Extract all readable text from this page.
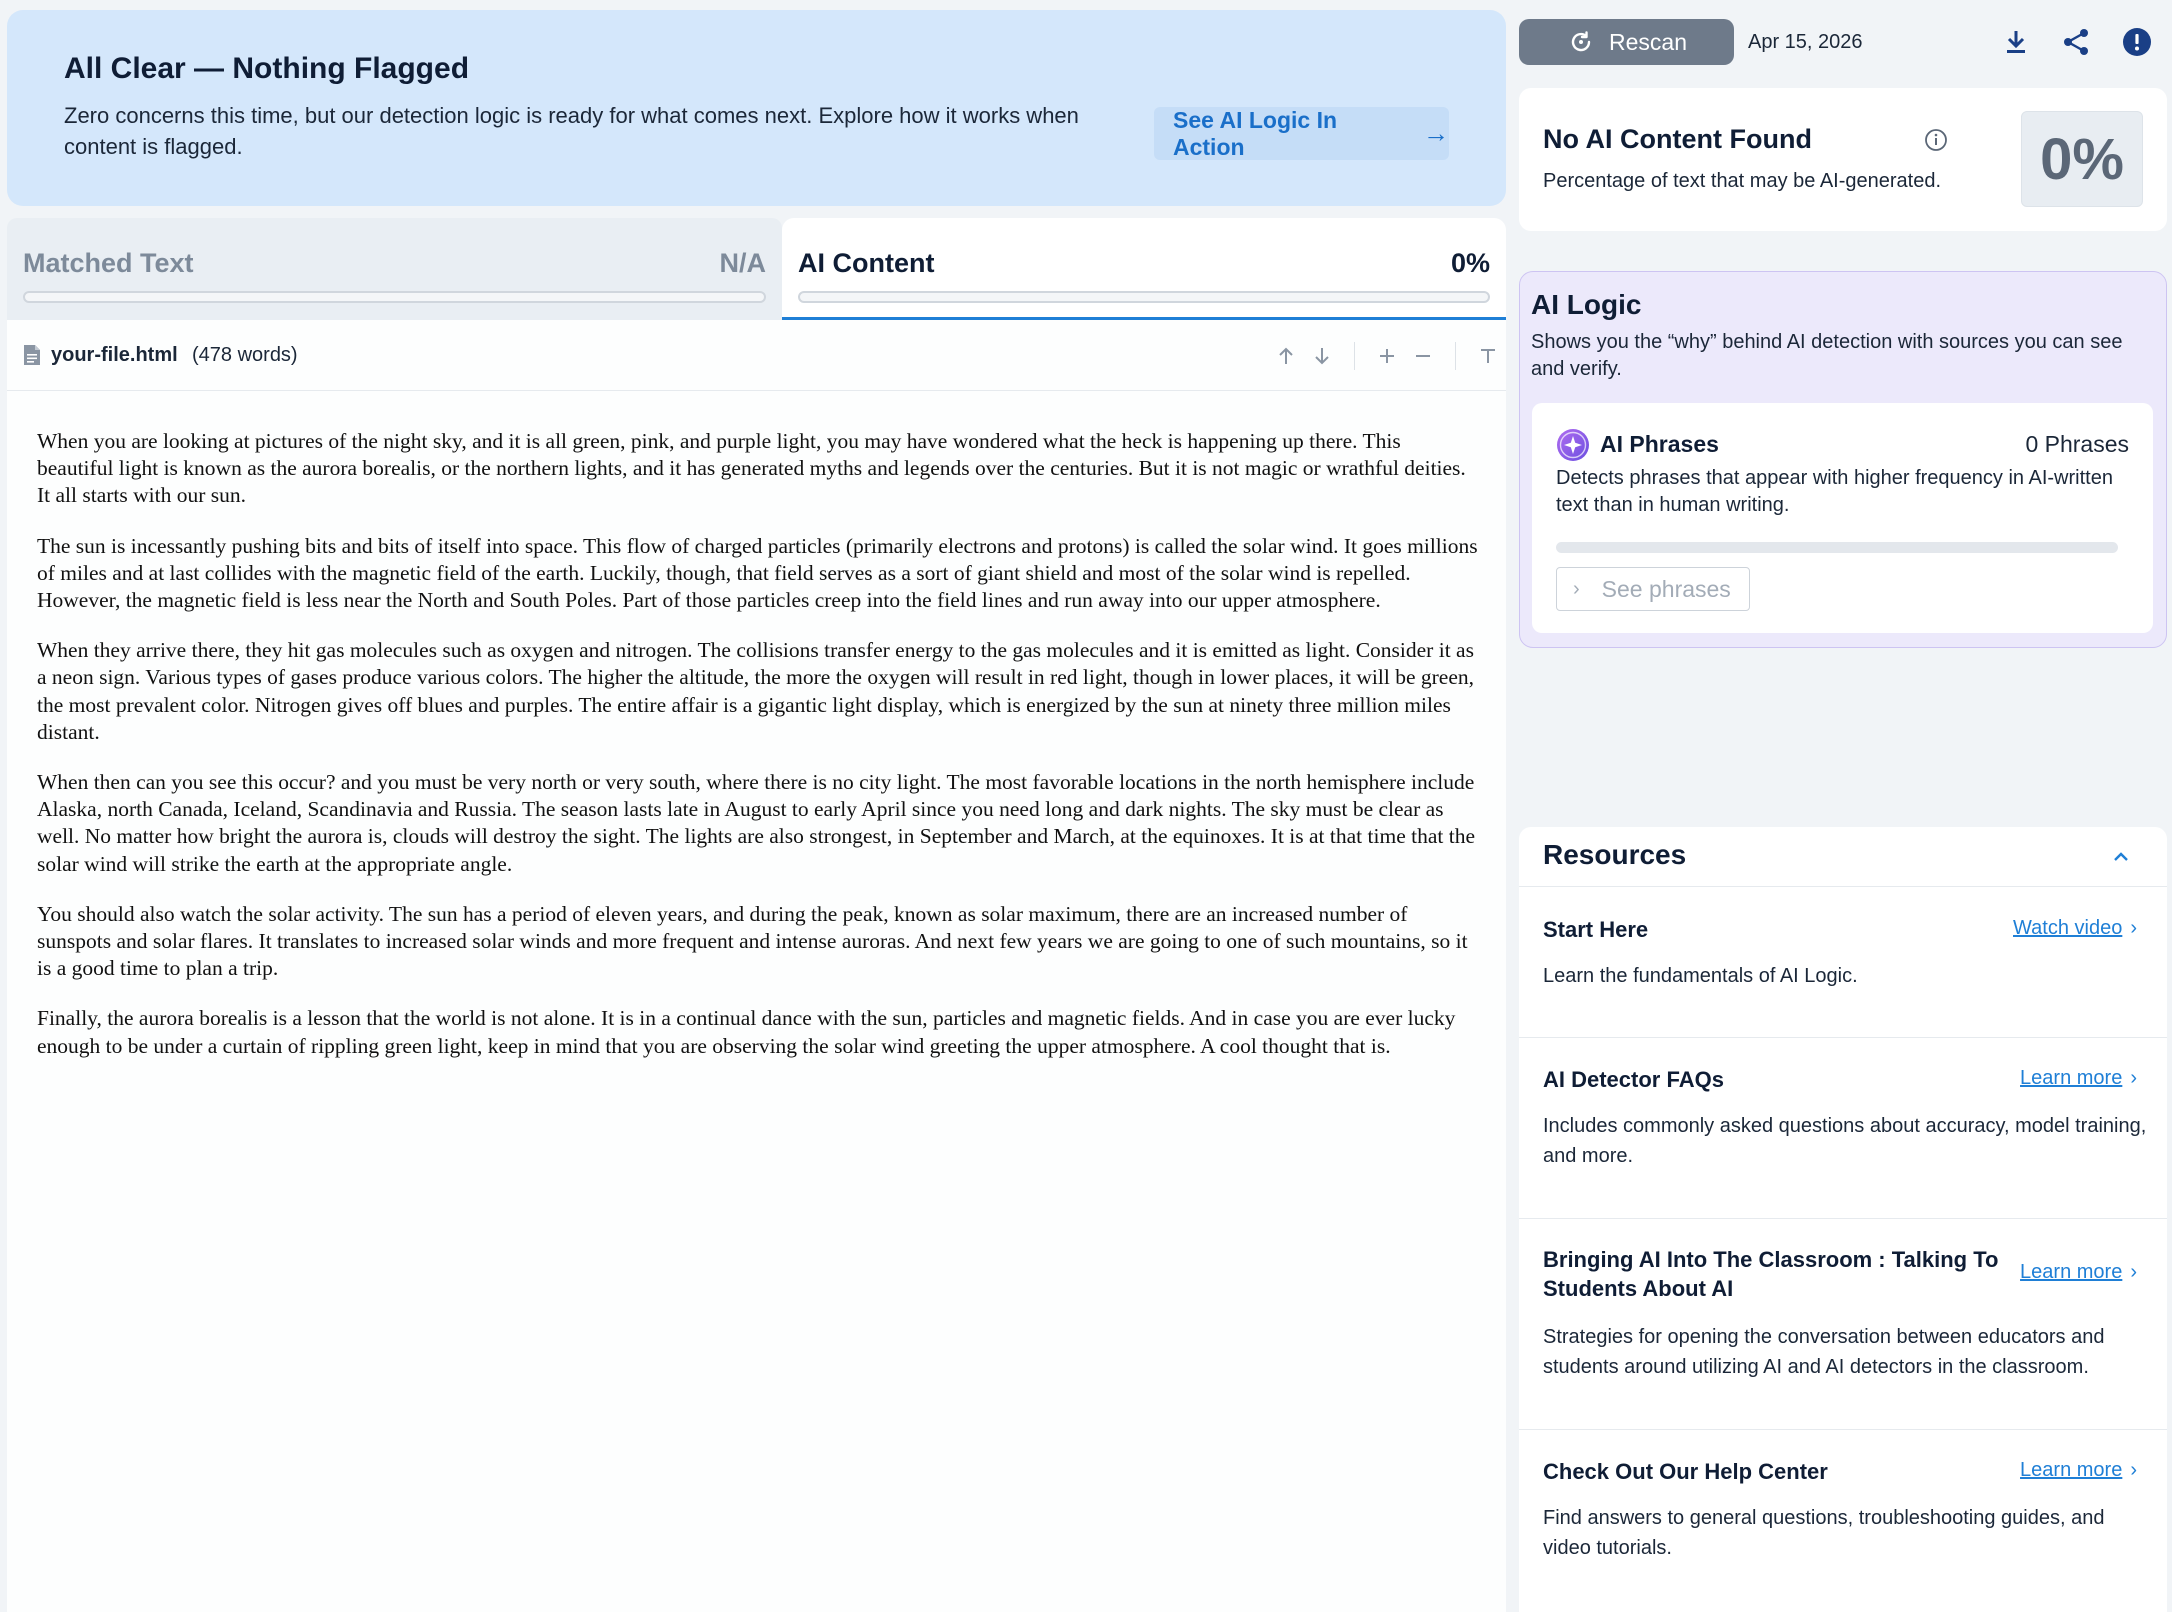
All Clear — Nothing Flagged
Zero concerns this time, but our detection logic is ready for what comes next. Explore how it works when content is flagged.
See AI Logic In Action	→
Matched Text	N/A AI Content	0%
your-file.html (478 words)

When you are looking at pictures of the night sky, and it is all green, pink, and purple light, you may have wondered what the heck is happening up there. This beautiful light is known as the aurora borealis, or the northern lights, and it has generated myths and legends over the centuries. But it is not magic or wrathful deities. It all starts with our sun.

The sun is incessantly pushing bits and bits of itself into space. This flow of charged particles (primarily electrons and protons) is called the solar wind. It goes millions of miles and at last collides with the magnetic field of the earth. Luckily, though, that field serves as a sort of giant shield and most of the solar wind is repelled. However, the magnetic field is less near the North and South Poles. Part of those particles creep into the field lines and run away into our upper atmosphere.

When they arrive there, they hit gas molecules such as oxygen and nitrogen. The collisions transfer energy to the gas molecules and it is emitted as light. Consider it as a neon sign. Various types of gases produce various colors. The higher the altitude, the more the oxygen will result in red light, though in lower places, it will be green, the most prevalent color. Nitrogen gives off blues and purples. The entire affair is a gigantic light display, which is energized by the sun at ninety three million miles distant.

When then can you see this occur? and you must be very north or very south, where there is no city light. The most favorable locations in the north hemisphere include Alaska, north Canada, Iceland, Scandinavia and Russia. The season lasts late in August to early April since you need long and dark nights. The sky must be clear as well. No matter how bright the aurora is, clouds will destroy the sight. The lights are also strongest, in September and March, at the equinoxes. It is at that time that the solar wind will strike the earth at the appropriate angle.

You should also watch the solar activity. The sun has a period of eleven years, and during the peak, known as solar maximum, there are an increased number of sunspots and solar flares. It translates to increased solar winds and more frequent and intense auroras. And next few years we are going to one of such mountains, so it is a good time to plan a trip.

Finally, the aurora borealis is a lesson that the world is not alone. It is in a continual dance with the sun, particles and magnetic fields. And in case you are ever lucky enough to be under a curtain of rippling green light, keep in mind that you are observing the solar wind greeting the upper atmosphere. A cool thought that is.

Rescan	Apr 15, 2026
No AI Content Found
Percentage of text that may be AI-generated.	0%
AI Logic
Shows you the “why” behind AI detection with sources you can see and verify.
AI Phrases	0 Phrases
Detects phrases that appear with higher frequency in AI-written text than in human writing.
› See phrases
Resources
Start Here	Watch video ›
Learn the fundamentals of AI Logic.
AI Detector FAQs	Learn more ›
Includes commonly asked questions about accuracy, model training, and more.
Bringing AI Into The Classroom : Talking To Students About AI
Learn more ›
Strategies for opening the conversation between educators and students around utilizing AI and AI detectors in the classroom.
Check Out Our Help Center	Learn more ›
Find answers to general questions, troubleshooting guides, and video tutorials.
